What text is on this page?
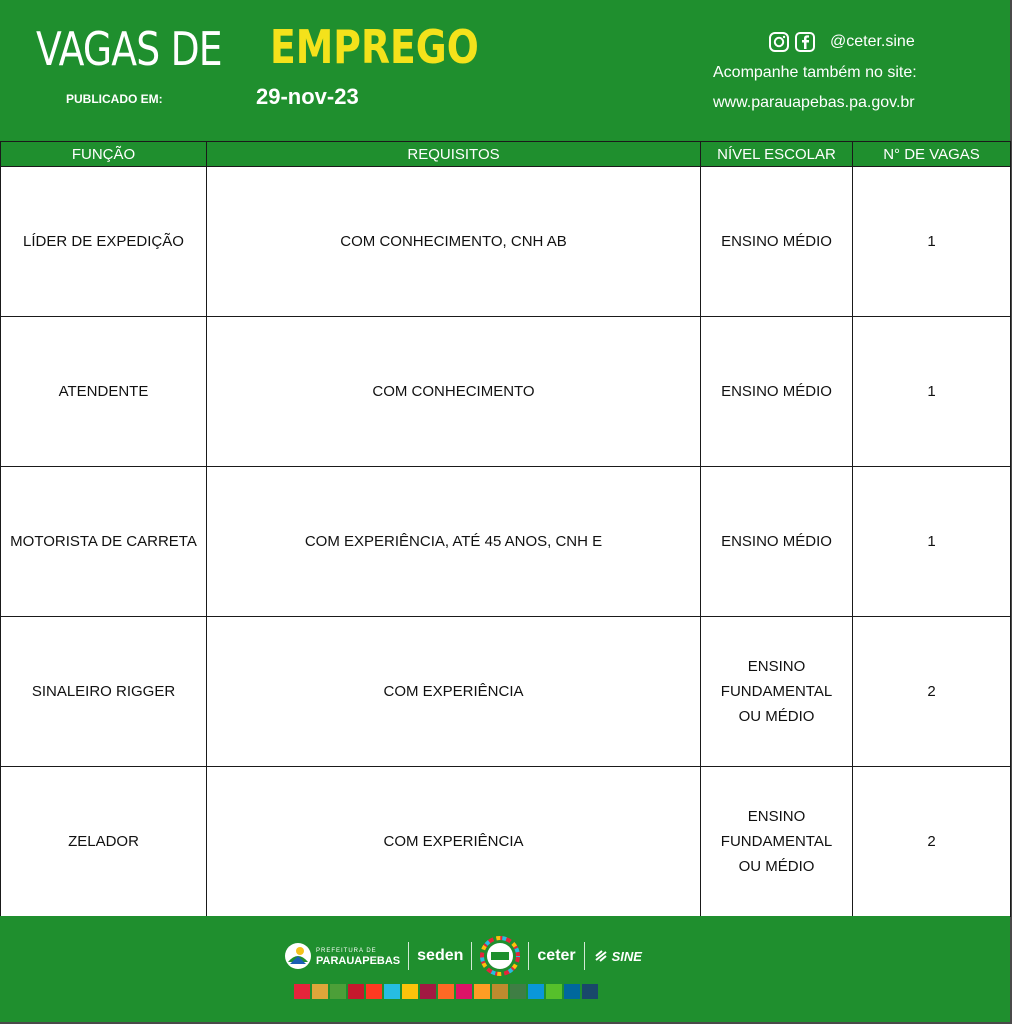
VAGAS DE EMPREGO
PUBLICADO EM:	29-nov-23
@ceter.sine
Acompanhe também no site:
www.parauapebas.pa.gov.br
FUNÇÃO	REQUISITOS	NÍVEL ESCOLAR	N° DE VAGAS
LÍDER DE EXPEDIÇÃO	COM CONHECIMENTO, CNH AB	ENSINO MÉDIO	1
ATENDENTE	COM CONHECIMENTO	ENSINO MÉDIO	1
MOTORISTA DE CARRETA	COM EXPERIÊNCIA, ATÉ 45 ANOS, CNH E	ENSINO MÉDIO	1
SINALEIRO RIGGER	COM EXPERIÊNCIA	ENSINO FUNDAMENTAL OU MÉDIO	2
ZELADOR	COM EXPERIÊNCIA	ENSINO FUNDAMENTAL OU MÉDIO	2
PREFEITURA DE
PARAUAPEBAS seden	ceter	SINE
